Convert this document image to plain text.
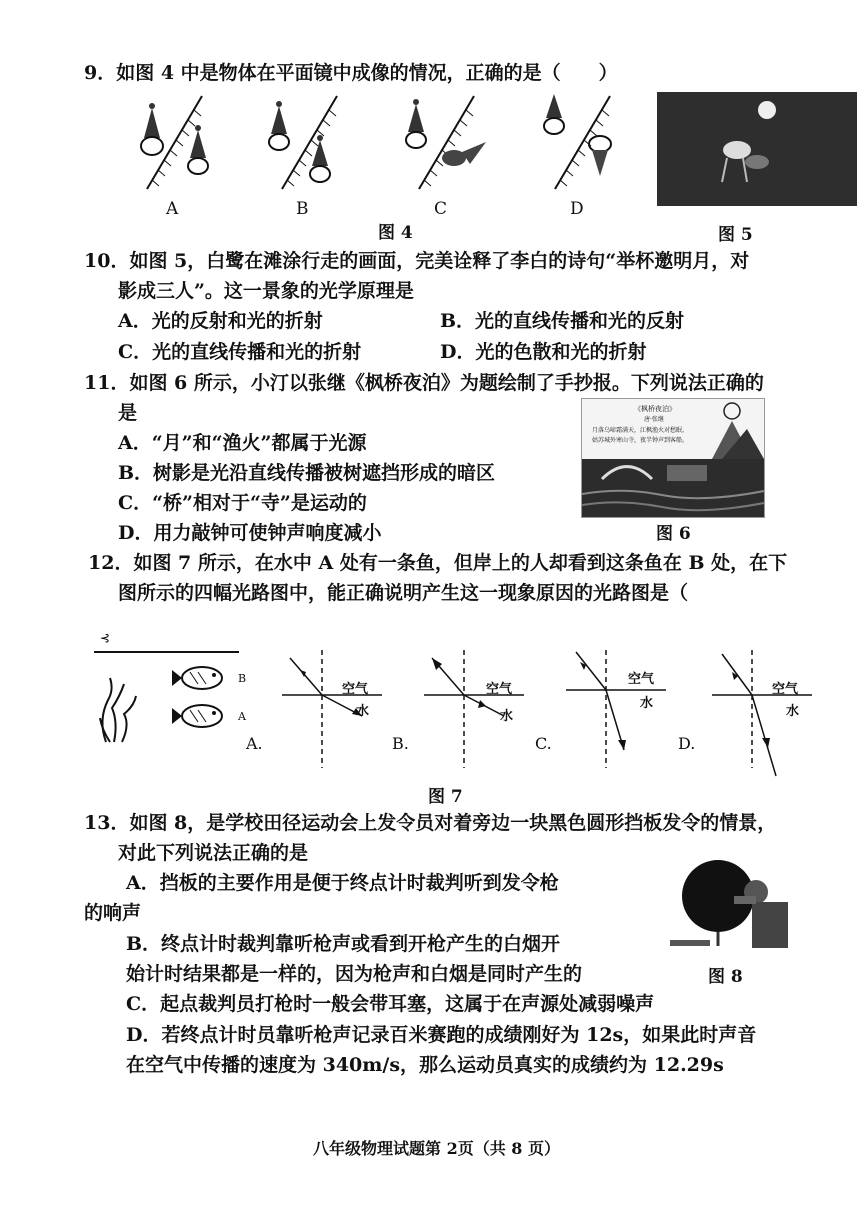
9．如图 4 中是物体在平面镜中成像的情况，正确的是（　　）
A	B	C	D
图 4	图 5
10．如图 5，白鹭在滩涂行走的画面，完美诠释了李白的诗句“举杯邀明月，对
影成三人”。这一景象的光学原理是
A．光的反射和光的折射	B．光的直线传播和光的反射
C．光的直线传播和光的折射	D．光的色散和光的折射
11．如图 6 所示，小汀以张继《枫桥夜泊》为题绘制了手抄报。下列说法正确的
是
A．“月”和“渔火”都属于光源
B．树影是光沿直线传播被树遮挡形成的暗区
C．“桥”相对于“寺”是运动的
D．用力敲钟可使钟声响度减小
《枫桥夜泊》
唐·张继
月落乌啼霜满天，江枫渔火对愁眠。
姑苏城外寒山寺，夜半钟声到客船。
图 6
12．如图 7 所示，在水中 A 处有一条鱼，但岸上的人却看到这条鱼在 B 处，在下
图所示的四幅光路图中，能正确说明产生这一现象原因的光路图是（
⊰
B
A
空气
水
空气
水
空气
水
空气
水
A.	B.	C.	D.
图 7
13．如图 8，是学校田径运动会上发令员对着旁边一块黑色圆形挡板发令的情景，
对此下列说法正确的是
A．挡板的主要作用是便于终点计时裁判听到发令枪
的响声
B．终点计时裁判靠听枪声或看到开枪产生的白烟开
始计时结果都是一样的，因为枪声和白烟是同时产生的
C．起点裁判员打枪时一般会带耳塞，这属于在声源处减弱噪声
D．若终点计时员靠听枪声记录百米赛跑的成绩刚好为 12s，如果此时声音
在空气中传播的速度为 340m/s，那么运动员真实的成绩约为 12.29s
图 8
八年级物理试题第 2页（共 8 页）
